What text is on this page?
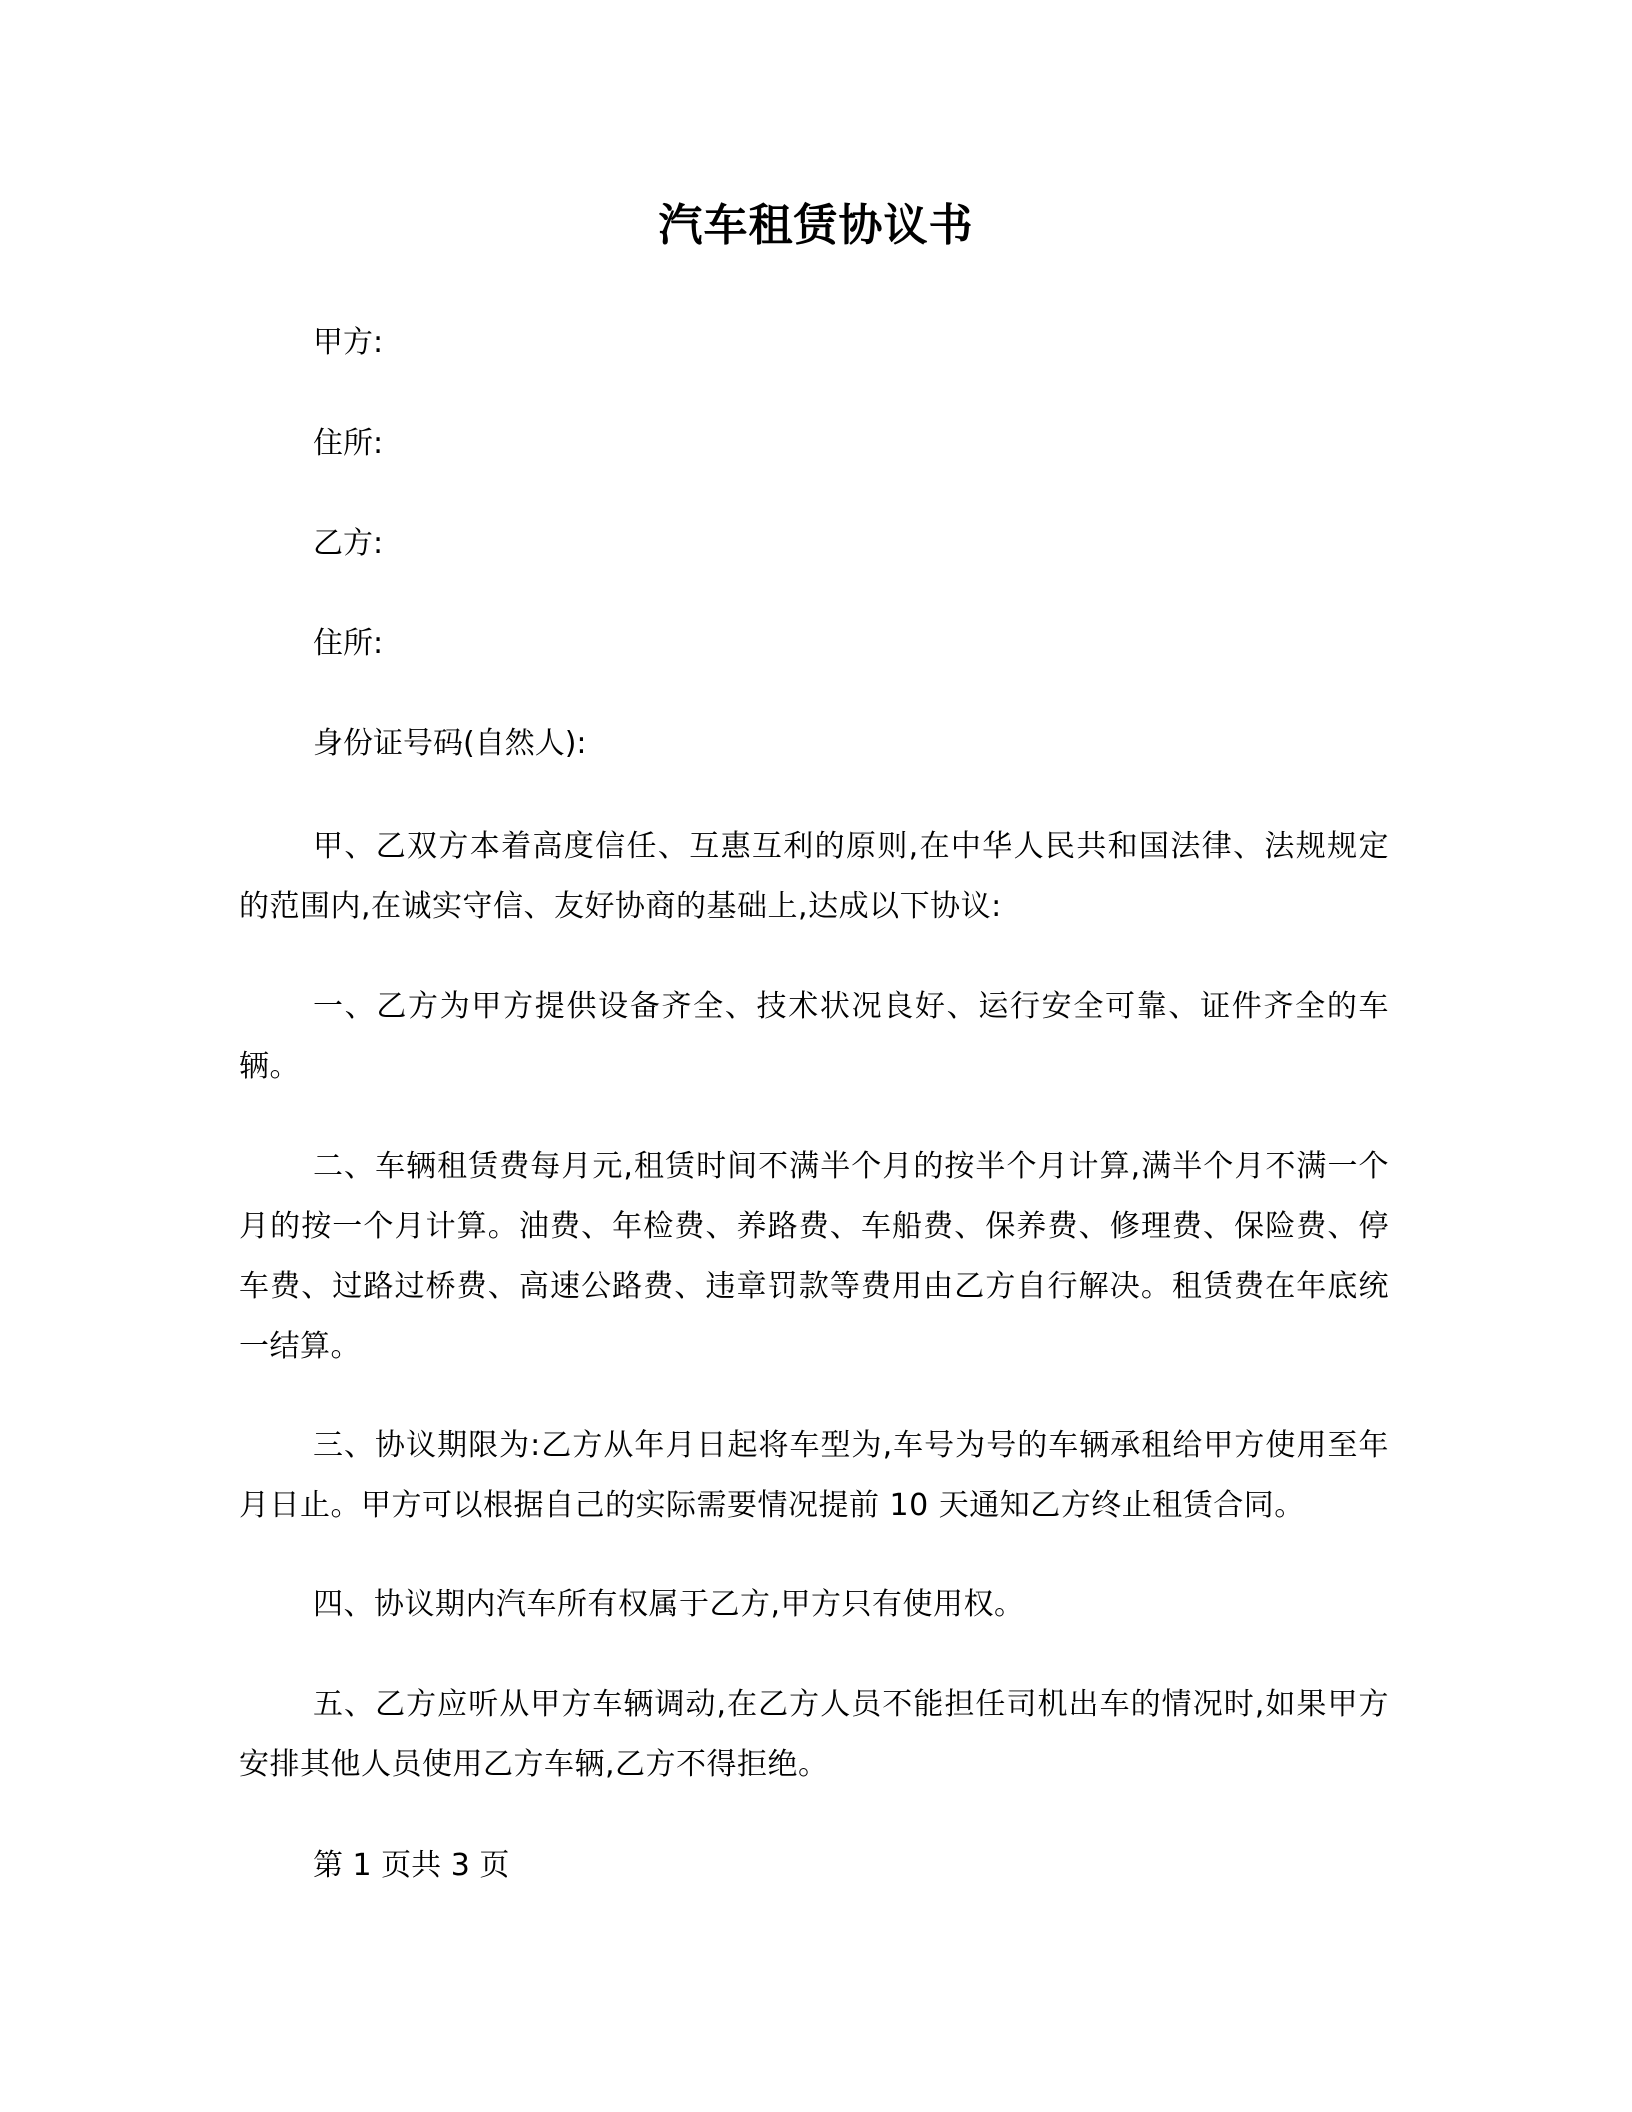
汽车租赁协议书
甲方:
住所:
乙方:
住所:
身份证号码(自然人):
甲、乙双方本着高度信任、互惠互利的原则,在中华人民共和国法律、法规规定的范围内,在诚实守信、友好协商的基础上,达成以下协议:
一、乙方为甲方提供设备齐全、技术状况良好、运行安全可靠、证件齐全的车辆。
二、车辆租赁费每月元,租赁时间不满半个月的按半个月计算,满半个月不满一个月的按一个月计算。油费、年检费、养路费、车船费、保养费、修理费、保险费、停车费、过路过桥费、高速公路费、违章罚款等费用由乙方自行解决。租赁费在年底统一结算。
三、协议期限为:乙方从年月日起将车型为,车号为号的车辆承租给甲方使用至年月日止。甲方可以根据自己的实际需要情况提前 10 天通知乙方终止租赁合同。
四、协议期内汽车所有权属于乙方,甲方只有使用权。
五、乙方应听从甲方车辆调动,在乙方人员不能担任司机出车的情况时,如果甲方安排其他人员使用乙方车辆,乙方不得拒绝。
第 1 页共 3 页
